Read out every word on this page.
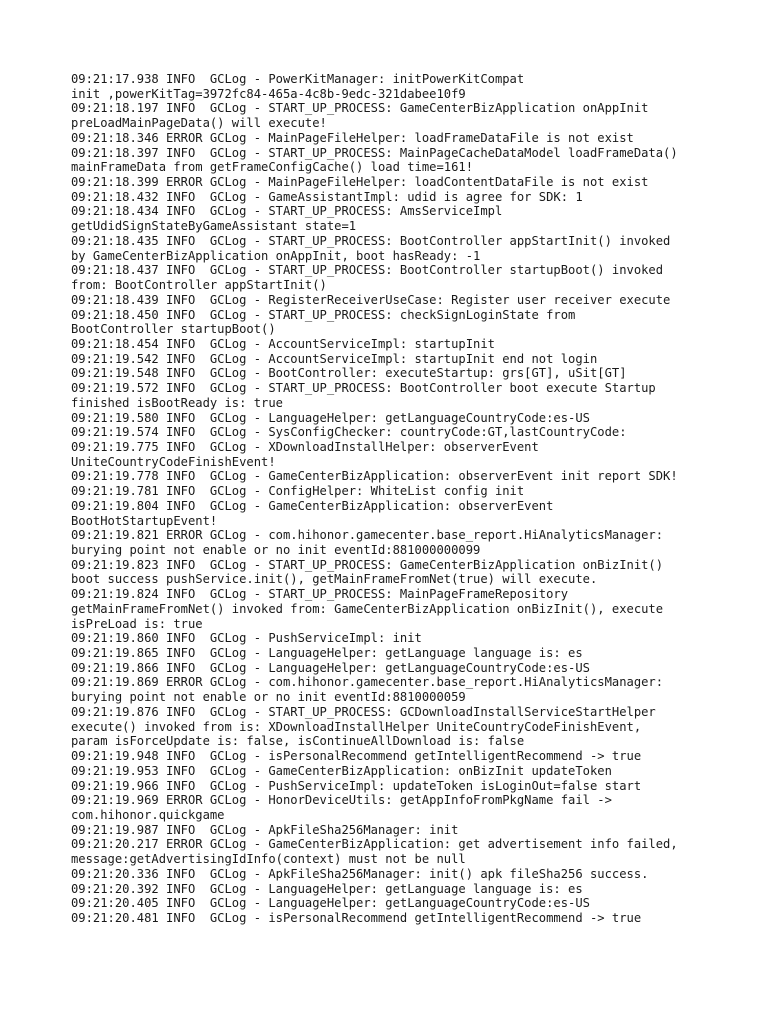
09:21:17.938 INFO  GCLog - PowerKitManager: initPowerKitCompat
init ,powerKitTag=3972fc84-465a-4c8b-9edc-321dabee10f9
09:21:18.197 INFO  GCLog - START_UP_PROCESS: GameCenterBizApplication onAppInit
preLoadMainPageData() will execute!
09:21:18.346 ERROR GCLog - MainPageFileHelper: loadFrameDataFile is not exist
09:21:18.397 INFO  GCLog - START_UP_PROCESS: MainPageCacheDataModel loadFrameData()
mainFrameData from getFrameConfigCache() load time=161!
09:21:18.399 ERROR GCLog - MainPageFileHelper: loadContentDataFile is not exist
09:21:18.432 INFO  GCLog - GameAssistantImpl: udid is agree for SDK: 1
09:21:18.434 INFO  GCLog - START_UP_PROCESS: AmsServiceImpl
getUdidSignStateByGameAssistant state=1
09:21:18.435 INFO  GCLog - START_UP_PROCESS: BootController appStartInit() invoked
by GameCenterBizApplication onAppInit, boot hasReady: -1
09:21:18.437 INFO  GCLog - START_UP_PROCESS: BootController startupBoot() invoked
from: BootController appStartInit()
09:21:18.439 INFO  GCLog - RegisterReceiverUseCase: Register user receiver execute
09:21:18.450 INFO  GCLog - START_UP_PROCESS: checkSignLoginState from
BootController startupBoot()
09:21:18.454 INFO  GCLog - AccountServiceImpl: startupInit
09:21:19.542 INFO  GCLog - AccountServiceImpl: startupInit end not login
09:21:19.548 INFO  GCLog - BootController: executeStartup: grs[GT], uSit[GT]
09:21:19.572 INFO  GCLog - START_UP_PROCESS: BootController boot execute Startup
finished isBootReady is: true
09:21:19.580 INFO  GCLog - LanguageHelper: getLanguageCountryCode:es-US
09:21:19.574 INFO  GCLog - SysConfigChecker: countryCode:GT,lastCountryCode:
09:21:19.775 INFO  GCLog - XDownloadInstallHelper: observerEvent
UniteCountryCodeFinishEvent!
09:21:19.778 INFO  GCLog - GameCenterBizApplication: observerEvent init report SDK!
09:21:19.781 INFO  GCLog - ConfigHelper: WhiteList config init
09:21:19.804 INFO  GCLog - GameCenterBizApplication: observerEvent
BootHotStartupEvent!
09:21:19.821 ERROR GCLog - com.hihonor.gamecenter.base_report.HiAnalyticsManager:
burying point not enable or no init eventId:881000000099
09:21:19.823 INFO  GCLog - START_UP_PROCESS: GameCenterBizApplication onBizInit()
boot success pushService.init(), getMainFrameFromNet(true) will execute.
09:21:19.824 INFO  GCLog - START_UP_PROCESS: MainPageFrameRepository
getMainFrameFromNet() invoked from: GameCenterBizApplication onBizInit(), execute
isPreLoad is: true
09:21:19.860 INFO  GCLog - PushServiceImpl: init
09:21:19.865 INFO  GCLog - LanguageHelper: getLanguage language is: es
09:21:19.866 INFO  GCLog - LanguageHelper: getLanguageCountryCode:es-US
09:21:19.869 ERROR GCLog - com.hihonor.gamecenter.base_report.HiAnalyticsManager:
burying point not enable or no init eventId:8810000059
09:21:19.876 INFO  GCLog - START_UP_PROCESS: GCDownloadInstallServiceStartHelper
execute() invoked from is: XDownloadInstallHelper UniteCountryCodeFinishEvent,
param isForceUpdate is: false, isContinueAllDownload is: false
09:21:19.948 INFO  GCLog - isPersonalRecommend getIntelligentRecommend -> true
09:21:19.953 INFO  GCLog - GameCenterBizApplication: onBizInit updateToken
09:21:19.966 INFO  GCLog - PushServiceImpl: updateToken isLoginOut=false start
09:21:19.969 ERROR GCLog - HonorDeviceUtils: getAppInfoFromPkgName fail ->
com.hihonor.quickgame
09:21:19.987 INFO  GCLog - ApkFileSha256Manager: init
09:21:20.217 ERROR GCLog - GameCenterBizApplication: get advertisement info failed,
message:getAdvertisingIdInfo(context) must not be null
09:21:20.336 INFO  GCLog - ApkFileSha256Manager: init() apk fileSha256 success.
09:21:20.392 INFO  GCLog - LanguageHelper: getLanguage language is: es
09:21:20.405 INFO  GCLog - LanguageHelper: getLanguageCountryCode:es-US
09:21:20.481 INFO  GCLog - isPersonalRecommend getIntelligentRecommend -> true
